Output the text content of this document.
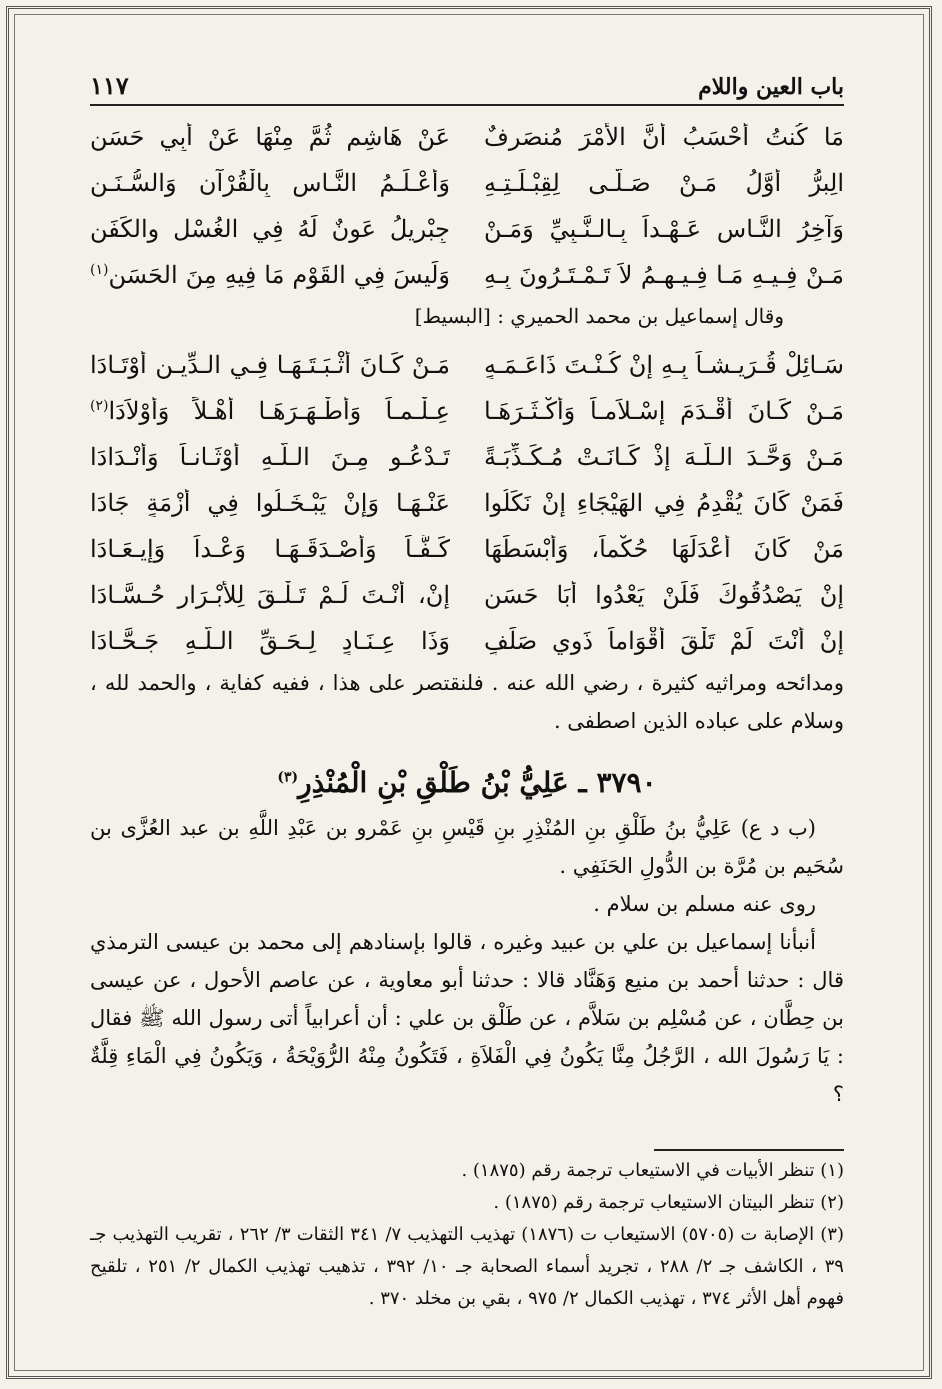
باب العين واللام
١١٧
مَا كُنتُ أَحْسَبُ أَنَّ الأَمْرَ مُنصَرِفٌ
عَنْ هَاشِمٍ ثُمَّ مِنْهَا عَنْ أَبِي حَسَنِ
الِبرُّ أَوَّلُ مَـنْ صَـلَّـى لِقِبْـلَـتِـهِ
وَأَعْـلَـمُ النَّـاسِ بِالْقُرْآنِ وَالسُّـنَـنِ
وَآخِرُ النَّـاسِ عَـهْـداً بِـالـنَّـبِيِّ وَمَـنْ
جِبْرِيلُ عَونٌ لَهُ فِي الغُسْلِ والكَفَنِ
مَـنْ فِـيـهِ مَـا فِـيـهِـمُ لاَ تَـمْـتَـرُونَ بِـهِ
وَلَيسَ فِي القَوْمِ مَا فِيهِ مِنَ الحَسَنِ$^{(١)}$
وقال إسماعيل بن محمد الحميري : [البسيط]
سَـائِلْ قُـرَيـشـاً بِـهِ إِنْ كُـنْـتَ ذَاعَـمَـهٍ
مَـنْ كَـانَ أَثْـبَـتَـهَـا فِـي الـدِّيـنِ أَوْتَـادَا
مَـنْ كَـانَ أَقْـدَمَ إِسْـلاَمـاً وَأَكْـثَـرَهَـا
عِـلْـمـاً وَأَطْـهَـرَهَـا أَهْـلاً وَأَوْلاَدَا$^{(٢)}$
مَـنْ وَحَّـدَ الـلَّـهَ إِذْ كَـانَـتْ مُـكَـذِّبَـةً
تَـدْعُـو مِـنَ الـلَّـهِ أَوْثَـانـاً وَأَنْـدَادَا
فَمَنْ كَانَ يُقْدِمُ فِي الهَيْجَاءِ إِنْ نَكَلُوا
عَنْـهَـا وَإِنْ يَبْـخَـلُوا فِي أَزْمَةٍ جَادَا
مَنْ كَانَ أَعْدَلَهَا حُكْماً، وَأَبْسَطَهَا
كَـفَّـاً وَأَصْـدَقَـهَـا وَعْـداً وَإِيـعَـادَا
إِنْ يَصْدُقُوكَ فَلَنْ يَعْدُوا أَبَا حَسَنٍ
إِنْ، أَنْـتَ لَـمْ تَـلْـقَ لِلأَبْـرَارِ حُـسَّـادَا
إِنْ أَنْتَ لَمْ تَلْقَ أَقْوَاماً ذَوِي صَلَفٍ
وَذَا عِـنَـادٍ لِـحَـقِّ الـلَّـهِ جَـحَّـادَا

ومدائحه ومراثيه كثيرة ، رضي الله عنه . فلنقتصر على هذا ، ففيه كفاية ، والحمد لله ، وسلام على عباده الذين اصطفى .

٣٧٩٠ ـ عَلِيُّ بْنُ طَلْقِ بْنِ الْمُنْذِرِ$^{(٣)}$

(ب د ع) عَلِيُّ بنُ طَلْقِ بنِ المُنْذِرِ بنِ قَيْسِ بنِ عَمْرو بن عَبْدِ اللَّهِ بن عبد العُزَّى بن سُحَيم بن مُرَّة بن الدُّولِ الحَنَفِي .

روى عنه مسلم بن سلام .

أنبأنا إسماعيل بن علي بن عبيد وغيره ، قالوا بإسنادهم إلى محمد بن عيسى الترمذي قال : حدثنا أحمد بن منيع وَهَنَّاد قالا : حدثنا أبو معاوية ، عن عاصم الأحول ، عن عيسى بن حِطَّان ، عن مُسْلِم بن سَلاَّم ، عن طَلْق بن علي : أن أعرابياً أتى رسول الله ﷺ فقال : يَا رَسُولَ الله ، الرَّجُلُ مِنَّا يَكُونُ فِي الْفَلاَةِ ، فَتَكُونُ مِنْهُ الرُّوَيْحَةُ ، وَيَكُونُ فِي الْمَاءِ قِلَّةٌ ؟

(١) تنظر الأبيات في الاستيعاب ترجمة رقم (١٨٧٥) .

(٢) تنظر البيتان الاستيعاب ترجمة رقم (١٨٧٥) .

(٣) الإصابة ت (٥٧٠٥) الاستيعاب ت (١٨٧٦) تهذيب التهذيب ٧/ ٣٤١ الثقات ٣/ ٢٦٢ ، تقريب التهذيب جـ ٣٩ ، الكاشف جـ ٢/ ٢٨٨ ، تجريد أسماء الصحابة جـ ١٠/ ٣٩٢ ، تذهيب تهذيب الكمال ٢/ ٢٥١ ، تلقيح فهوم أهل الأثر ٣٧٤ ، تهذيب الكمال ٢/ ٩٧٥ ، بقي بن مخلد ٣٧٠ .
